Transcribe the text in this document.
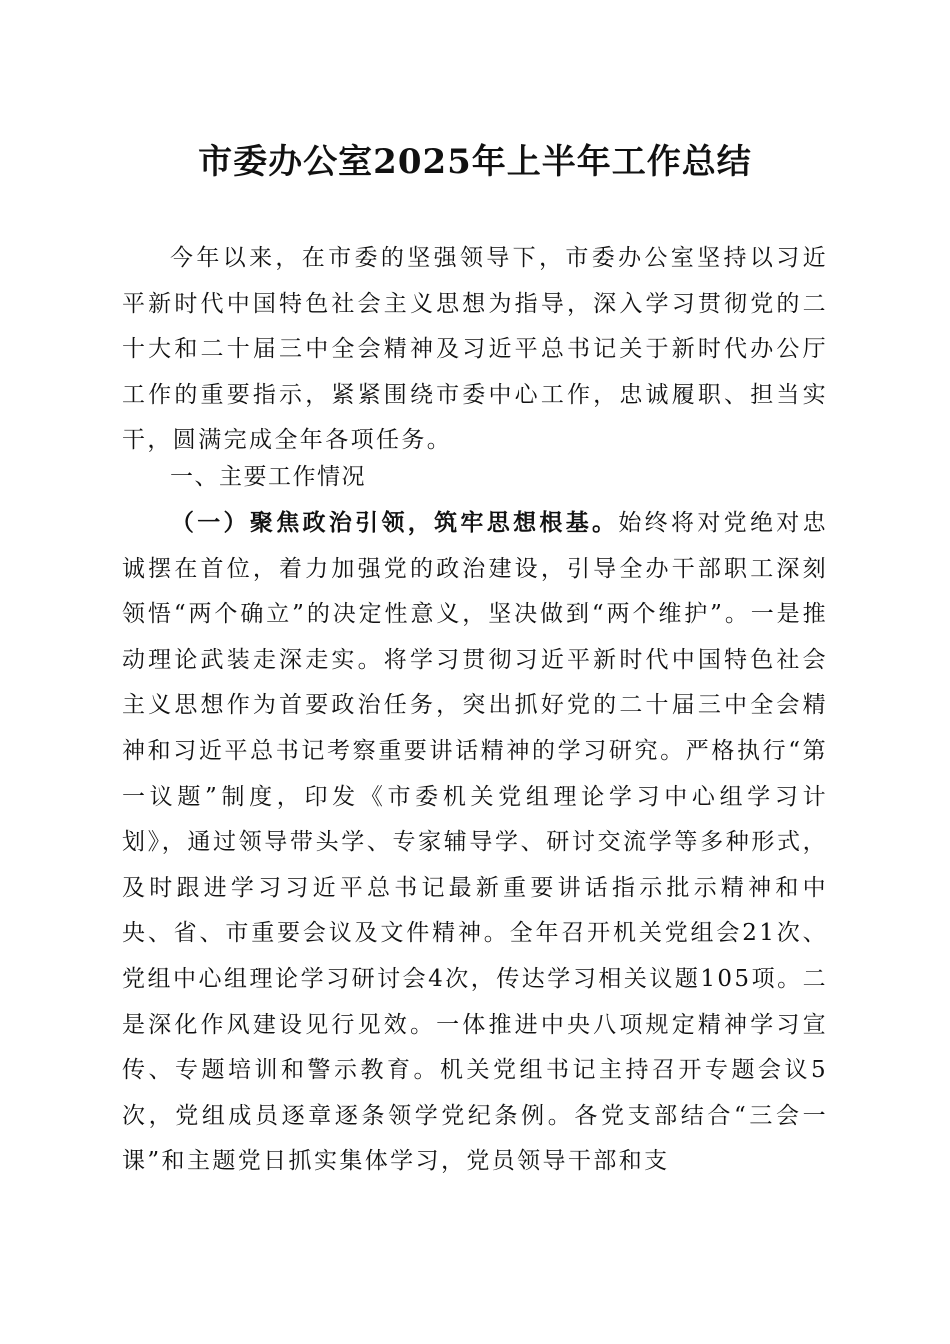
市委办公室2025年上半年工作总结

今年以来，在市委的坚强领导下，市委办公室坚持以习近平新时代中国特色社会主义思想为指导，深入学习贯彻党的二十大和二十届三中全会精神及习近平总书记关于新时代办公厅工作的重要指示，紧紧围绕市委中心工作，忠诚履职、担当实干，圆满完成全年各项任务。

一、主要工作情况

（一）聚焦政治引领，筑牢思想根基。始终将对党绝对忠诚摆在首位，着力加强党的政治建设，引导全办干部职工深刻领悟“两个确立”的决定性意义，坚决做到“两个维护”。一是推动理论武装走深走实。将学习贯彻习近平新时代中国特色社会主义思想作为首要政治任务，突出抓好党的二十届三中全会精神和习近平总书记考察重要讲话精神的学习研究。严格执行“第一议题”制度，印发《市委机关党组理论学习中心组学习计划》，通过领导带头学、专家辅导学、研讨交流学等多种形式，及时跟进学习习近平总书记最新重要讲话指示批示精神和中央、省、市重要会议及文件精神。全年召开机关党组会21次、党组中心组理论学习研讨会4次，传达学习相关议题105项。二是深化作风建设见行见效。一体推进中央八项规定精神学习宣传、专题培训和警示教育。机关党组书记主持召开专题会议5次，党组成员逐章逐条领学党纪条例。各党支部结合“三会一课”和主题党日抓实集体学习，党员领导干部和支
